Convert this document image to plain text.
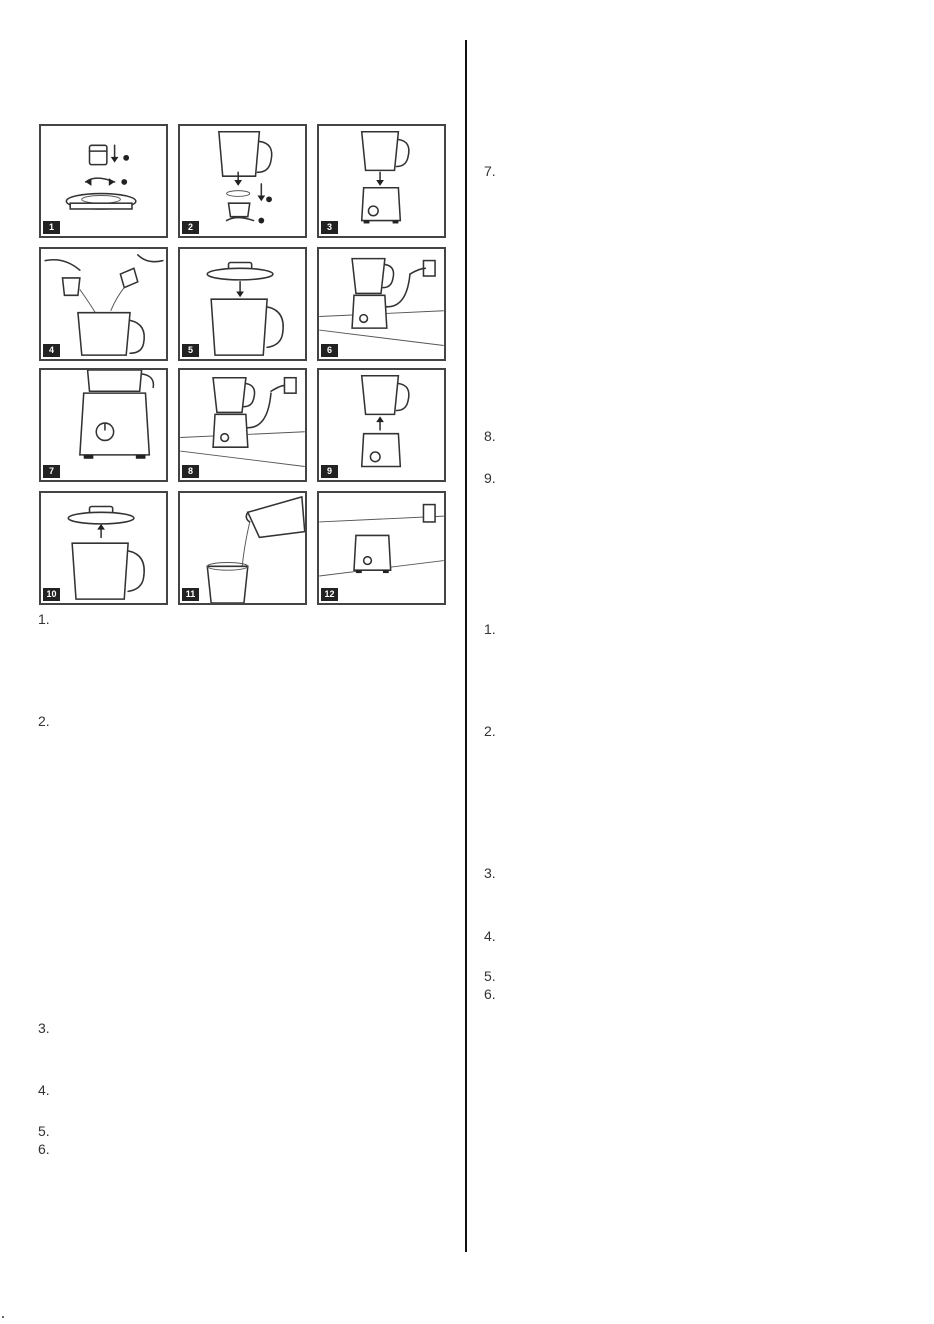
1	2	3
4	5	6
7	8	9
10	11	12
1.
2.
3.
4.
5.
6.
7.
8.
9.
1.
2.
3.
4.
5.
6.
